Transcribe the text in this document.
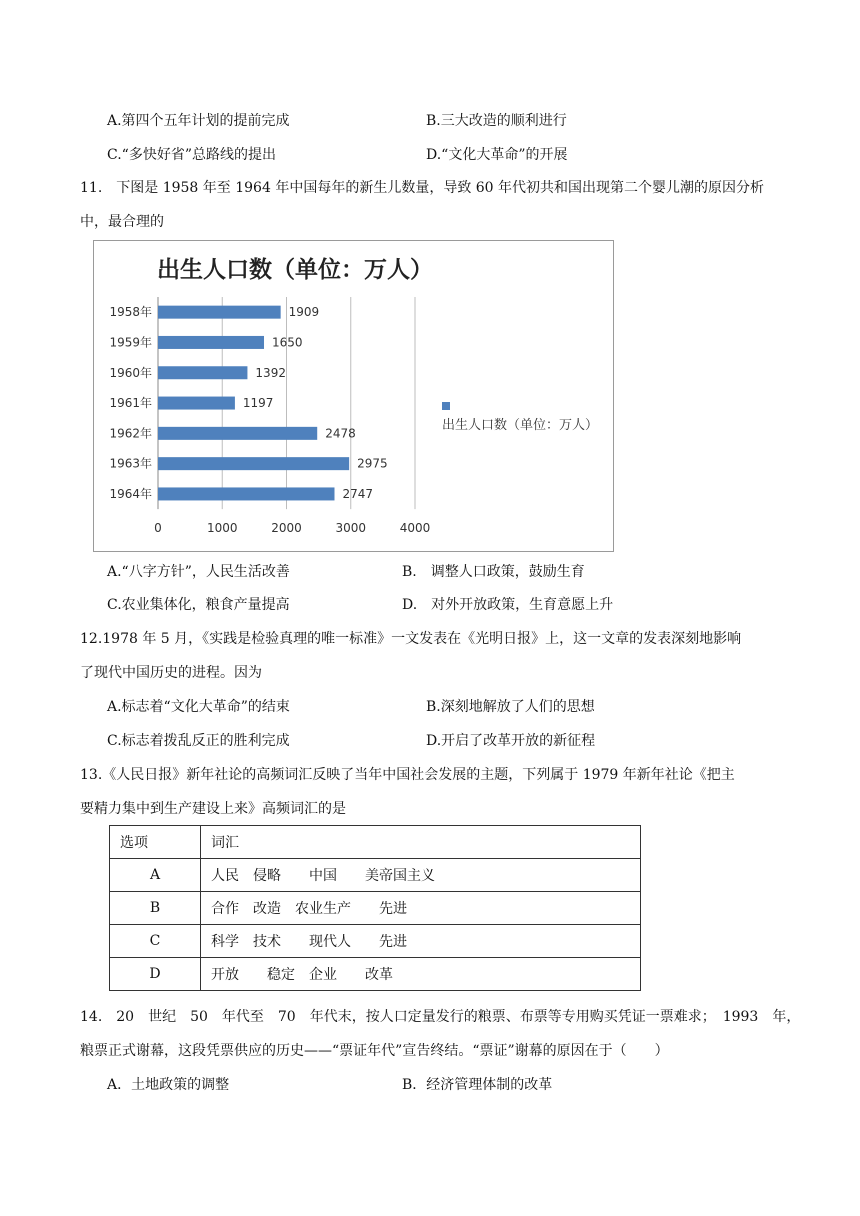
A.第四个五年计划的提前完成	B.三大改造的顺利进行
C.“多快好省”总路线的提出	D.“文化大革命”的开展
11.　下图是 1958 年至 1964 年中国每年的新生儿数量，导致 60 年代初共和国出现第二个婴儿潮的原因分析
中，最合理的
出生人口数（单位：万人）
0	1000	2000	3000	4000
1958年	1909
1959年	1650
1960年	1392
1961年	1197
1962年	2478
1963年	2975
1964年	2747
出生人口数（单位：万人）
A.“八字方针”，人民生活改善	B.　调整人口政策，鼓励生育
C.农业集体化，粮食产量提高	D.　对外开放政策，生育意愿上升
12.1978 年 5 月，《实践是检验真理的唯一标准》一文发表在《光明日报》上，这一文章的发表深刻地影响
了现代中国历史的进程。因为
A.标志着“文化大革命”的结束	B.深刻地解放了人们的思想
C.标志着拨乱反正的胜利完成	D.开启了改革开放的新征程
13.《人民日报》新年社论的高频词汇反映了当年中国社会发展的主题，下列属于 1979 年新年社论《把主
要精力集中到生产建设上来》高频词汇的是
选项	词汇
A	人民　侵略　　中国　　美帝国主义
B	合作　改造　农业生产　　先进
C	科学　技术　　现代人　　先进
D	开放　　稳定　企业　　改革
14.　20　世纪　50　年代至　70　年代末，按人口定量发行的粮票、布票等专用购买凭证一票难求；　1993　年，
粮票正式谢幕，这段凭票供应的历史——“票证年代”宣告终结。“票证”谢幕的原因在于（　　）
A．土地政策的调整	B．经济管理体制的改革
